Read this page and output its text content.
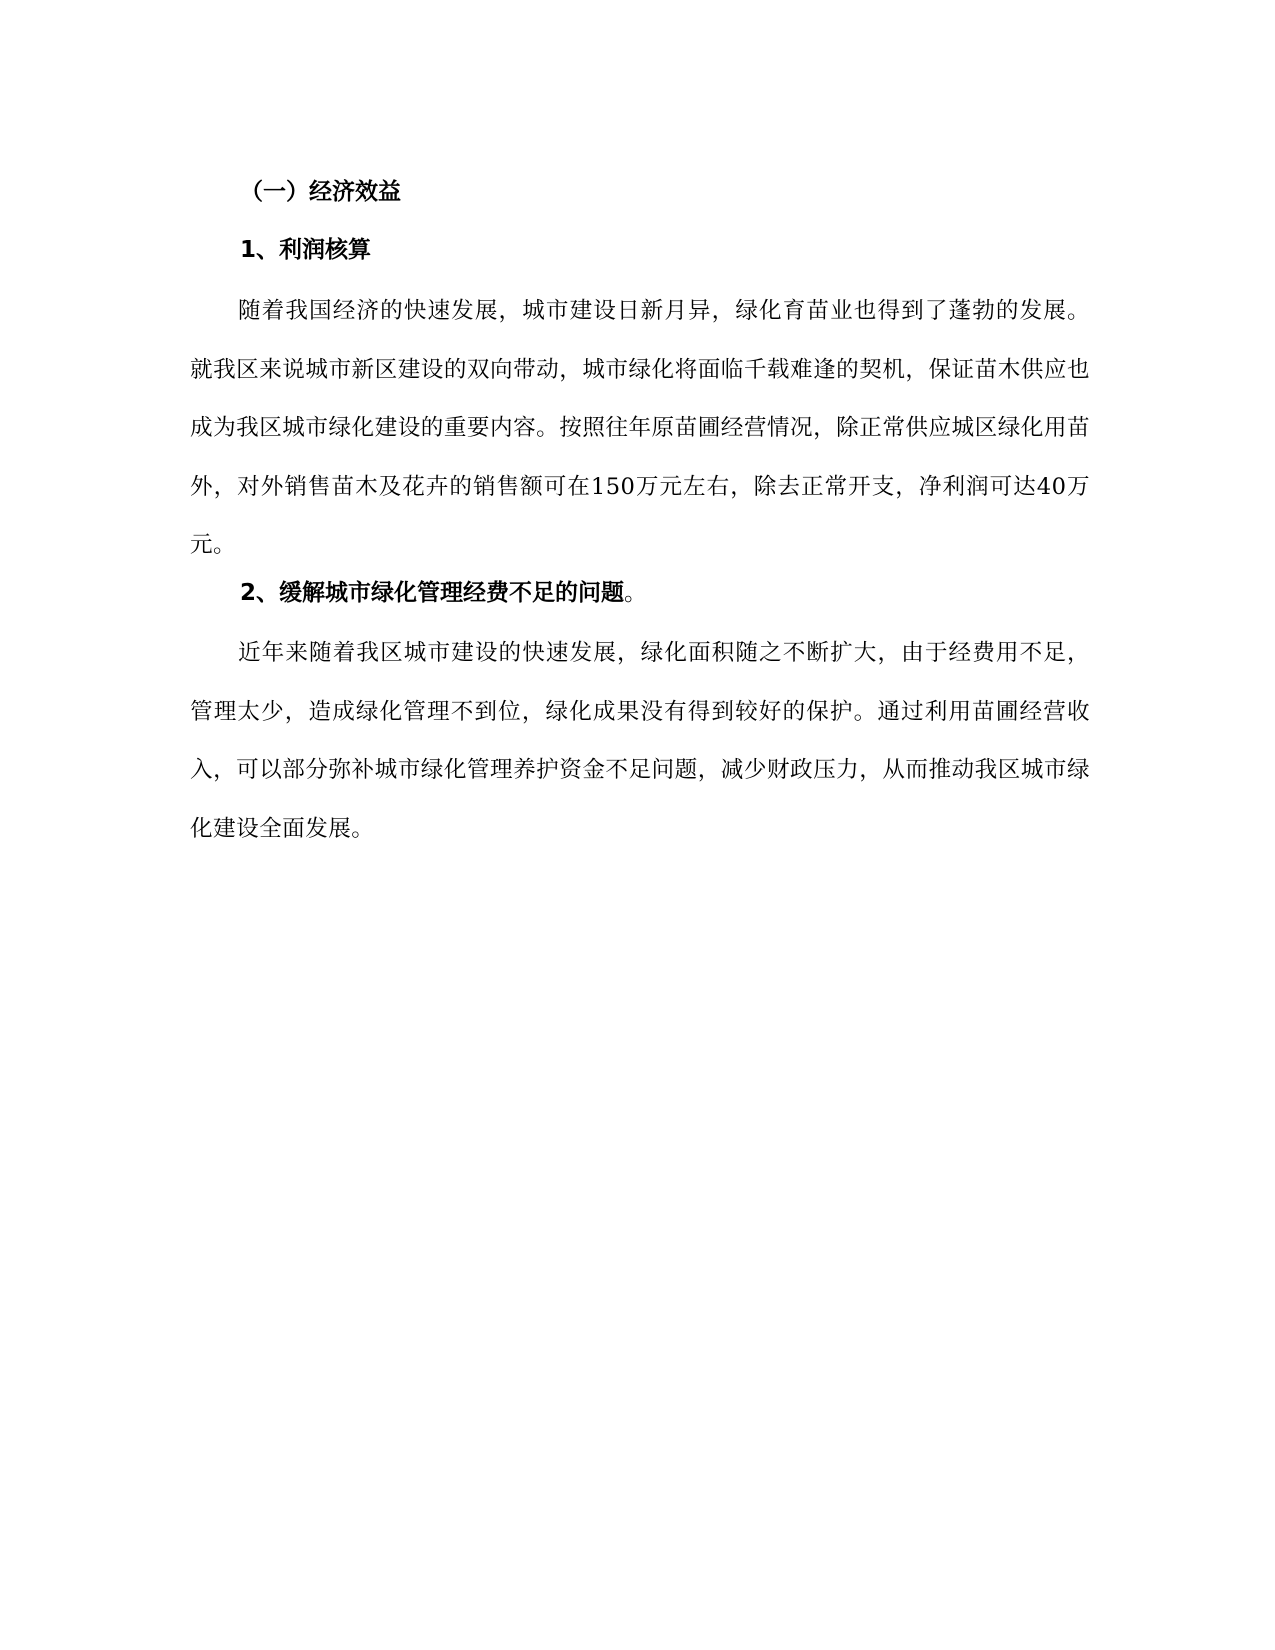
（一）经济效益
1、利润核算

随着我国经济的快速发展，城市建设日新月异，绿化育苗业也得到了蓬勃的发展。就我区来说城市新区建设的双向带动，城市绿化将面临千载难逢的契机，保证苗木供应也成为我区城市绿化建设的重要内容。按照往年原苗圃经营情况，除正常供应城区绿化用苗外，对外销售苗木及花卉的销售额可在150万元左右，除去正常开支，净利润可达40万元。

2、缓解城市绿化管理经费不足的问题。

近年来随着我区城市建设的快速发展，绿化面积随之不断扩大，由于经费用不足，管理太少，造成绿化管理不到位，绿化成果没有得到较好的保护。通过利用苗圃经营收入，可以部分弥补城市绿化管理养护资金不足问题，减少财政压力，从而推动我区城市绿化建设全面发展。
